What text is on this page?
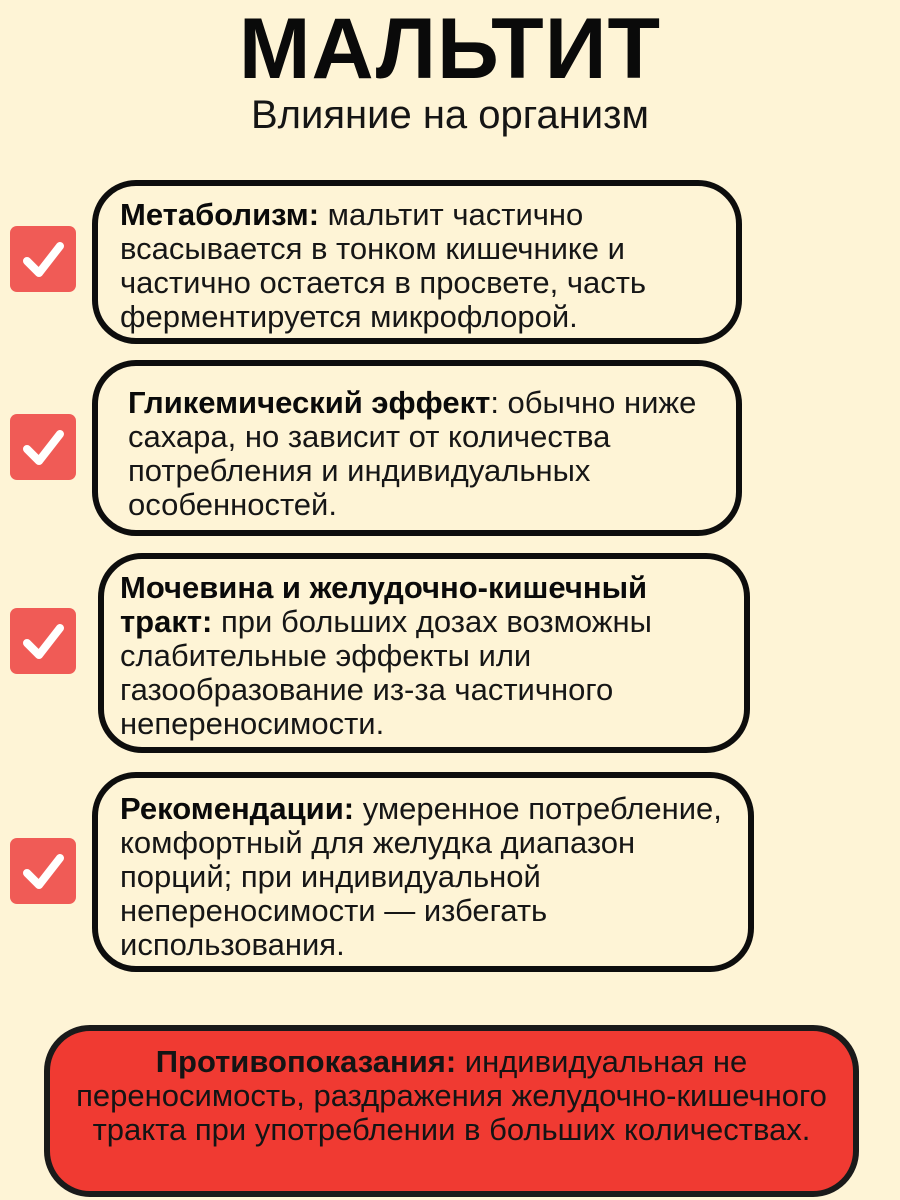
МАЛЬТИТ
Влияние на организм
Метаболизм: мальтит частично всасывается в тонком кишечнике и частично остается в просвете, часть ферментируется микрофлорой.
Гликемический эффект: обычно ниже сахара, но зависит от количества потребления и индивидуальных особенностей.
Мочевина и желудочно-кишечный тракт: при больших дозах возможны слабительные эффекты или газообразование из-за частичного непереносимости.
Рекомендации: умеренное потребление, комфортный для желудка диапазон порций; при индивидуальной непереносимости — избегать использования.
Противопоказания: индивидуальная не переносимость, раздражения желудочно-кишечного тракта при употреблении в больших количествах.
